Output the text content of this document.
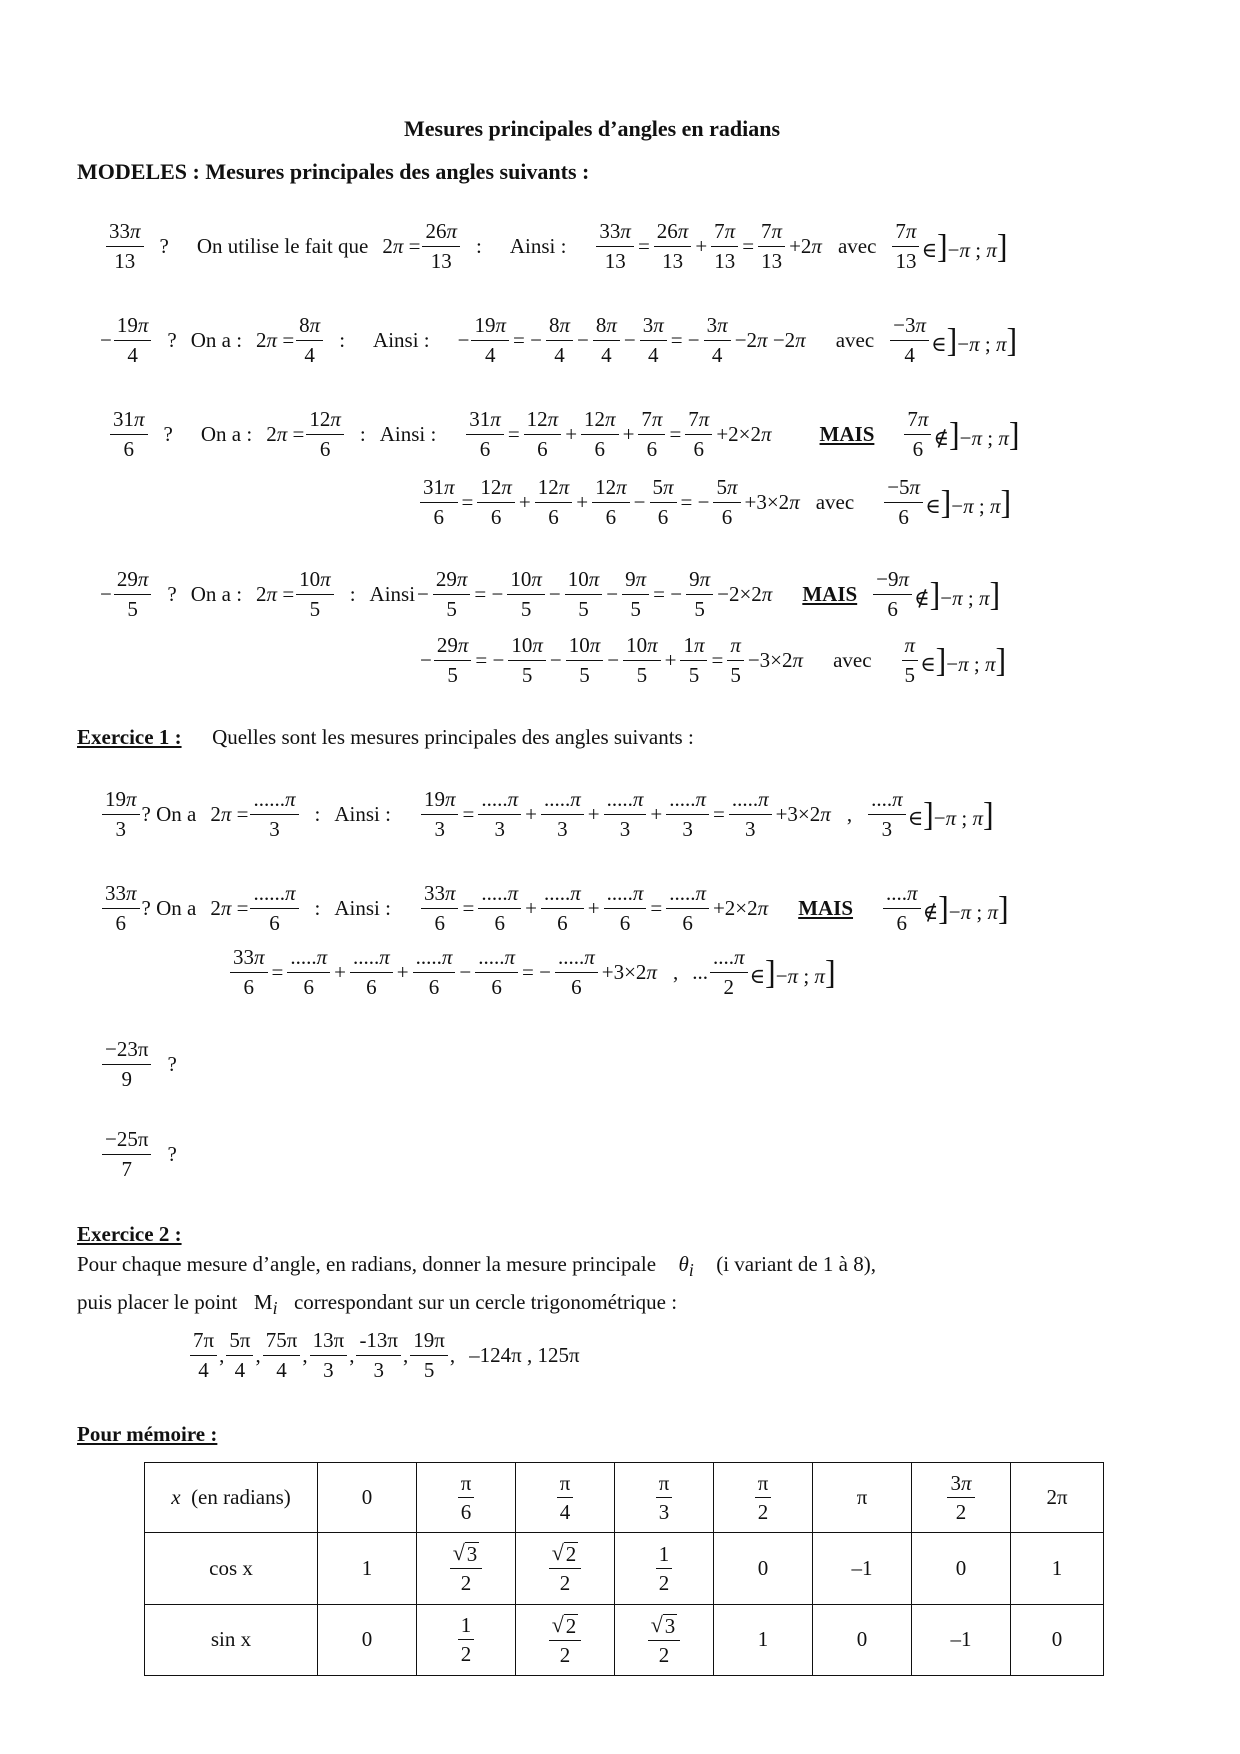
Mesures principales d’angles en radians
MODELES : Mesures principales des angles suivants :
$\frac{33\pi}{13}$ ? On utilise le fait que $2\pi = \frac{26\pi}{13}$ : Ainsi : $\frac{33\pi}{13} = \frac{26\pi}{13} + \frac{7\pi}{13} = \frac{7\pi}{13} +2\pi$ avec $\frac{7\pi}{13}$ ∈]−π ; π]
− $\frac{19\pi}{4}$ ? On a : $2\pi = \frac{8\pi}{4}$ : Ainsi : − $\frac{19\pi}{4}$ = − $\frac{8\pi}{4} - \frac{8\pi}{4} - \frac{3\pi}{4}$ = − $\frac{3\pi}{4} -2\pi -2\pi$ avec $\frac{-3\pi}{4}$ ∈]−π ; π]
$\frac{31\pi}{6}$ ? On a : $2\pi = \frac{12\pi}{6}$ : Ainsi : $\frac{31\pi}{6} = \frac{12\pi}{6} + \frac{12\pi}{6} + \frac{7\pi}{6} = \frac{7\pi}{6} +2\times 2\pi$ MAIS $\frac{7\pi}{6}$ ∉]−π ; π]
$\frac{31\pi}{6} = \frac{12\pi}{6} + \frac{12\pi}{6} + \frac{12\pi}{6} - \frac{5\pi}{6}$ = − $\frac{5\pi}{6} +3\times 2\pi$ avec $\frac{-5\pi}{6}$ ∈]−π ; π]
− $\frac{29\pi}{5}$ ? On a : $2\pi = \frac{10\pi}{5}$ : Ainsi − $\frac{29\pi}{5}$ = − $\frac{10\pi}{5} - \frac{10\pi}{5} - \frac{9\pi}{5}$ = − $\frac{9\pi}{5} -2\times 2\pi$ MAIS $\frac{-9\pi}{6}$ ∉]−π ; π]
− $\frac{29\pi}{5}$ = − $\frac{10\pi}{5} - \frac{10\pi}{5} - \frac{10\pi}{5} + \frac{1\pi}{5} = \frac{\pi}{5} -3\times 2\pi$ avec $\frac{\pi}{5}$ ∈]−π ; π]
Exercice 1 : Quelles sont les mesures principales des angles suivants :
$\frac{19\pi}{3}$ ? On a $2\pi = \frac{......\pi}{3}$ : Ainsi : $\frac{19\pi}{3} = \frac{.....\pi}{3} + \frac{.....\pi}{3} + \frac{.....\pi}{3} + \frac{.....\pi}{3} = \frac{.....\pi}{3} +3\times 2\pi$ , $\frac{....\pi}{3}$ ∈]−π ; π]
$\frac{33\pi}{6}$ ? On a $2\pi = \frac{......\pi}{6}$ : Ainsi : $\frac{33\pi}{6} = \frac{.....\pi}{6} + \frac{.....\pi}{6} + \frac{.....\pi}{6} = \frac{.....\pi}{6} +2\times 2\pi$ MAIS $\frac{....\pi}{6}$ ∉]−π ; π]
$\frac{33\pi}{6} = \frac{.....\pi}{6} + \frac{.....\pi}{6} + \frac{.....\pi}{6} - \frac{.....\pi}{6}$ = − $\frac{.....\pi}{6} +3\times 2\pi$ , ... $\frac{....\pi}{2}$ ∈]−π ; π]
$\frac{-23\pi}{9}$ ?
$\frac{-25\pi}{7}$ ?
Exercice 2 :
Pour chaque mesure d’angle, en radians, donner la mesure principale $\theta_i$ (i variant de 1 à 8),
puis placer le point $M_i$ correspondant sur un cercle trigonométrique :
$\frac{7\pi}{4}$ , $\frac{5\pi}{4}$ , $\frac{75\pi}{4}$ , $\frac{13\pi}{3}$ , $\frac{-13\pi}{3}$ , $\frac{19\pi}{5}$ , –124π , 125π
Pour mémoire :
x (en radians)	0	$\frac{\pi}{6}$	$\frac{\pi}{4}$	$\frac{\pi}{3}$	$\frac{\pi}{2}$	π	$\frac{3\pi}{2}$	2π
cos x	1	$\frac{√ 3}{2}$	$\frac{√ 2}{2}$	$\frac{1}{2}$	0	–1	0	1
sin x	0	$\frac{1}{2}$	$\frac{√ 2}{2}$	$\frac{√ 3}{2}$	1	0	–1	0
